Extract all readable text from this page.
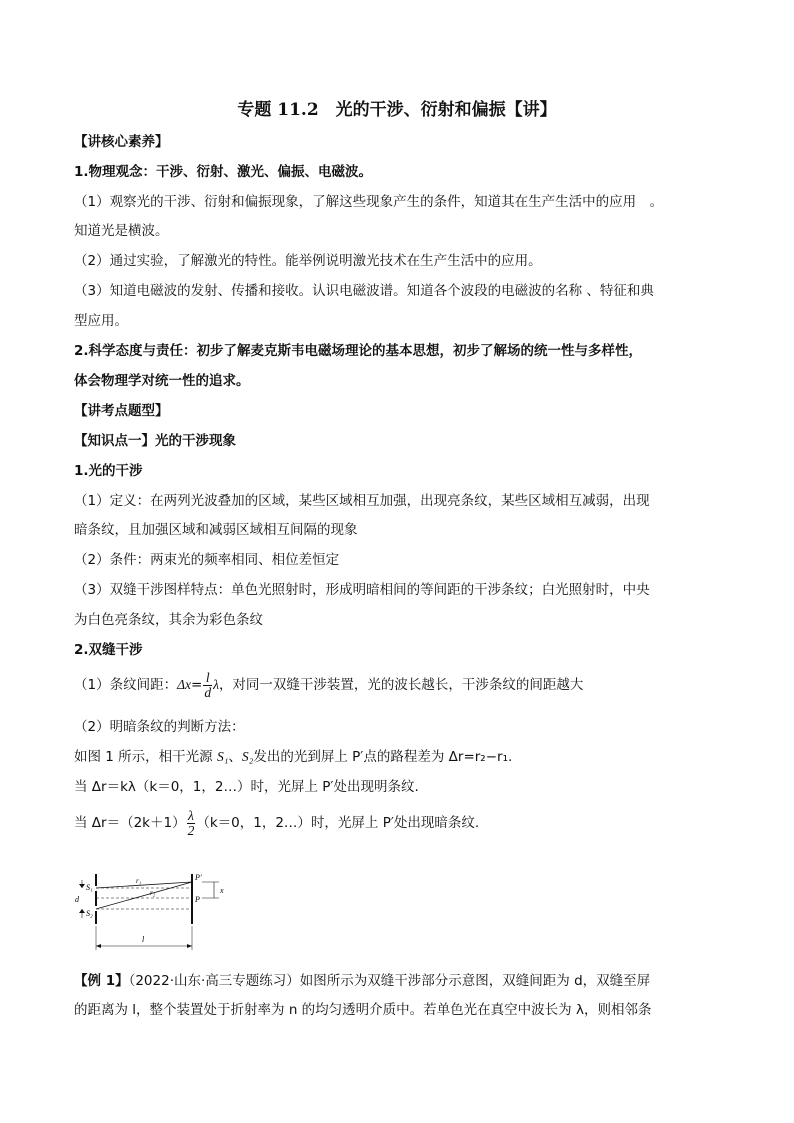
专题 11.2　光的干涉、衍射和偏振【讲】
【讲核心素养】
1.物理观念：干涉、衍射、激光、偏振、电磁波。
（1）观察光的干涉、衍射和偏振现象，了解这些现象产生的条件，知道其在生产生活中的应用　。
知道光是横波。
（2）通过实验，了解激光的特性。能举例说明激光技术在生产生活中的应用。
（3）知道电磁波的发射、传播和接收。认识电磁波谱。知道各个波段的电磁波的名称 、特征和典
型应用。
2.科学态度与责任：初步了解麦克斯韦电磁场理论的基本思想，初步了解场的统一性与多样性，
体会物理学对统一性的追求。
【讲考点题型】
【知识点一】光的干涉现象
1.光的干涉
（1）定义：在两列光波叠加的区域，某些区域相互加强，出现亮条纹，某些区域相互减弱，出现
暗条纹，且加强区域和减弱区域相互间隔的现象
（2）条件：两束光的频率相同、相位差恒定
（3）双缝干涉图样特点：单色光照射时，形成明暗相间的等间距的干涉条纹；白光照射时，中央
为白色亮条纹，其余为彩色条纹
2.双缝干涉
（1）条纹间距：$\Delta x= \frac{l}{d}$ λ，对同一双缝干涉装置，光的波长越长，干涉条纹的间距越大
（2）明暗条纹的判断方法：
如图 1 所示，相干光源 S₁、S₂发出的光到屏上 P′点的路程差为 Δr=r₂−r₁.
当 Δr＝kλ（k＝0，1，2…）时，光屏上 P′处出现明条纹.
当 $\Delta r=(2k+1) \frac{\lambda}{2} (k=0$，1，2…）时，光屏上 P′处出现暗条纹.
S₁
d
S₂
r₁
r₂
P′
P
x
l
【例 1】（2022·山东·高三专题练习）如图所示为双缝干涉部分示意图，双缝间距为 d，双缝至屏
的距离为 l，整个装置处于折射率为 n 的均匀透明介质中。若单色光在真空中波长为 λ，则相邻条
